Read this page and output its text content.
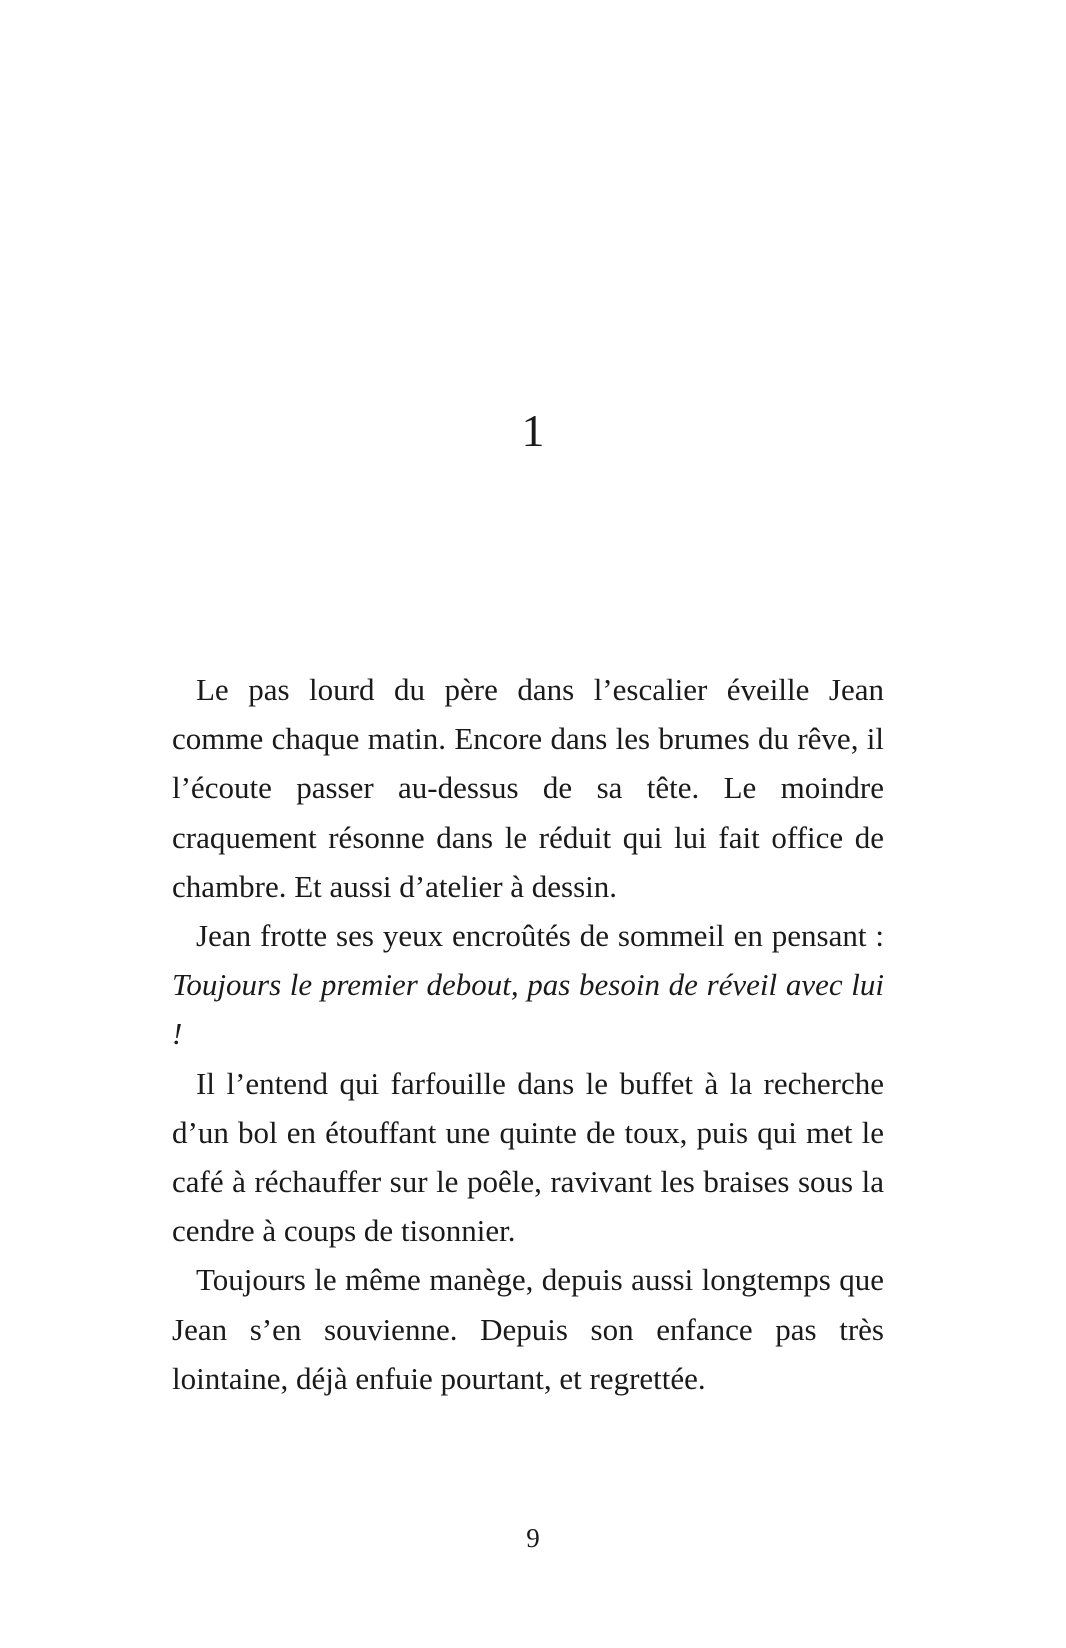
1

Le pas lourd du père dans l’escalier éveille Jean comme chaque matin. Encore dans les brumes du rêve, il l’écoute passer au-dessus de sa tête. Le moindre craquement résonne dans le réduit qui lui fait office de chambre. Et aussi d’atelier à dessin.

Jean frotte ses yeux encroûtés de sommeil en pensant : Toujours le premier debout, pas besoin de réveil avec lui !

Il l’entend qui farfouille dans le buffet à la recherche d’un bol en étouffant une quinte de toux, puis qui met le café à réchauffer sur le poêle, ravivant les braises sous la cendre à coups de tisonnier.

Toujours le même manège, depuis aussi longtemps que Jean s’en souvienne. Depuis son enfance pas très lointaine, déjà enfuie pourtant, et regrettée.

9
